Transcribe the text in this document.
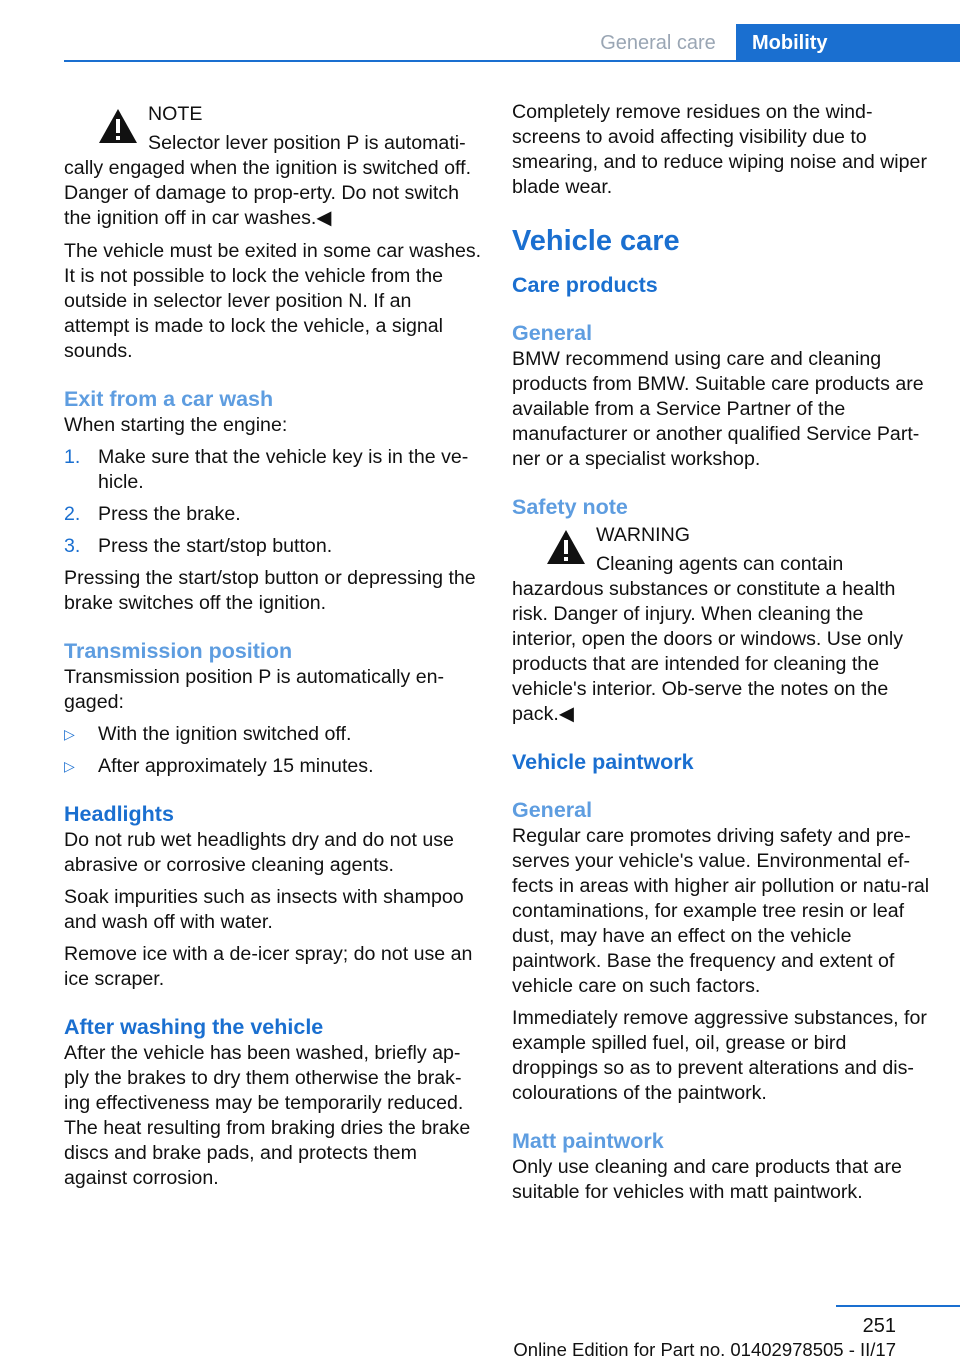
General care	Mobility
NOTE

Selector lever position P is automati‐cally engaged when the ignition is switched off. Danger of damage to prop‐erty. Do not switch the ignition off in car washes.◀

The vehicle must be exited in some car washes. It is not possible to lock the vehicle from the outside in selector lever position N. If an attempt is made to lock the vehicle, a signal sounds.

Exit from a car wash

When starting the engine:

1. Make sure that the vehicle key is in the ve‐hicle.
2. Press the brake.
3. Press the start/stop button.

Pressing the start/stop button or depressing the brake switches off the ignition.

Transmission position

Transmission position P is automatically en‐gaged:

▷ With the ignition switched off.
▷ After approximately 15 minutes.
Headlights

Do not rub wet headlights dry and do not use abrasive or corrosive cleaning agents.

Soak impurities such as insects with shampoo and wash off with water.

Remove ice with a de-icer spray; do not use an ice scraper.

After washing the vehicle

After the vehicle has been washed, briefly ap‐ply the brakes to dry them otherwise the brak‐ing effectiveness may be temporarily reduced. The heat resulting from braking dries the brake discs and brake pads, and protects them against corrosion.

Completely remove residues on the wind‐screens to avoid affecting visibility due to smearing, and to reduce wiping noise and wiper blade wear.

Vehicle care
Care products
General

BMW recommend using care and cleaning products from BMW. Suitable care products are available from a Service Partner of the manufacturer or another qualified Service Part‐ner or a specialist workshop.

Safety note
WARNING

Cleaning agents can contain hazardous substances or constitute a health risk. Danger of injury. When cleaning the interior, open the doors or windows. Use only products that are intended for cleaning the vehicle's interior. Ob‐serve the notes on the pack.◀

Vehicle paintwork
General

Regular care promotes driving safety and pre‐serves your vehicle's value. Environmental ef‐fects in areas with higher air pollution or natu‐ral contaminations, for example tree resin or leaf dust, may have an effect on the vehicle paintwork. Base the frequency and extent of vehicle care on such factors.

Immediately remove aggressive substances, for example spilled fuel, oil, grease or bird droppings so as to prevent alterations and dis‐colourations of the paintwork.

Matt paintwork

Only use cleaning and care products that are suitable for vehicles with matt paintwork.

251
Online Edition for Part no. 01402978505 - II/17
